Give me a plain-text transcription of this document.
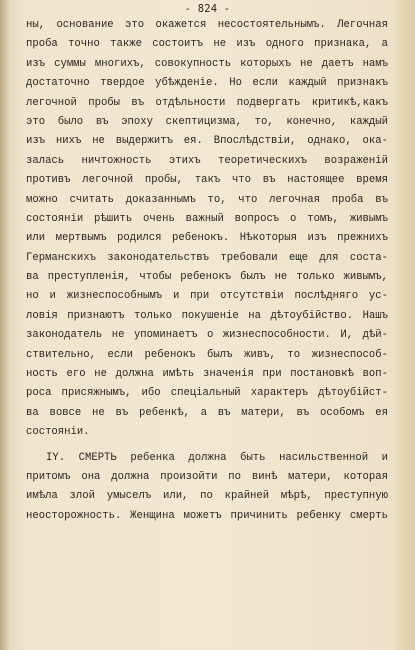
- 824 -
ны, основание это окажется несостоятельнымъ. Легочная
проба точно также состоитъ не изъ одного признака, а
изъ суммы многихъ, совокупность которыхъ не даетъ намъ
достаточно твердое убѣжденіе. Но если каждый признакъ
легочной пробы въ отдѣльности подвергать критикѣ,какъ
это было въ эпоху скептицизма, то, конечно, каждый
изъ нихъ не выдержитъ ея. Впослѣдствіи, однако, ока-
залась ничтожность этихъ теоретическихъ возраженій
противъ легочной пробы, такъ что въ настоящее время
можно считать доказаннымъ то, что легочная проба въ
состояніи рѣшить очень важный вопросъ о томъ, живымъ
или мертвымъ родился ребенокъ. Нѣкоторыя изъ прежнихъ
Германскихъ законодательствъ требовали еще для соста-
ва преступленія, чтобы ребенокъ былъ не только живымъ,
но и жизнеспособнымъ и при отсутствіи послѣдняго ус-
ловія признаютъ только покушеніе на дѣтоубійство. Нашъ
законодатель не упоминаетъ о жизнеспособности. И, дѣй-
ствительно, если ребенокъ былъ живъ, то жизнеспособ-
ность его не должна имѣть значенія при постановкѣ воп-
роса присяжнымъ, ибо спеціальный характеръ дѣтоубійст-
ва вовсе не въ ребенкѣ, а въ матери, въ особомъ ея
состояніи.
IY. СМЕРТЬ ребенка должна быть насильственной и
притомъ она должна произойти по винѣ матери, которая
имѣла злой умыселъ или, по крайней мѣрѣ, преступную
неосторожность. Женщина можетъ причинить ребенку смерть
